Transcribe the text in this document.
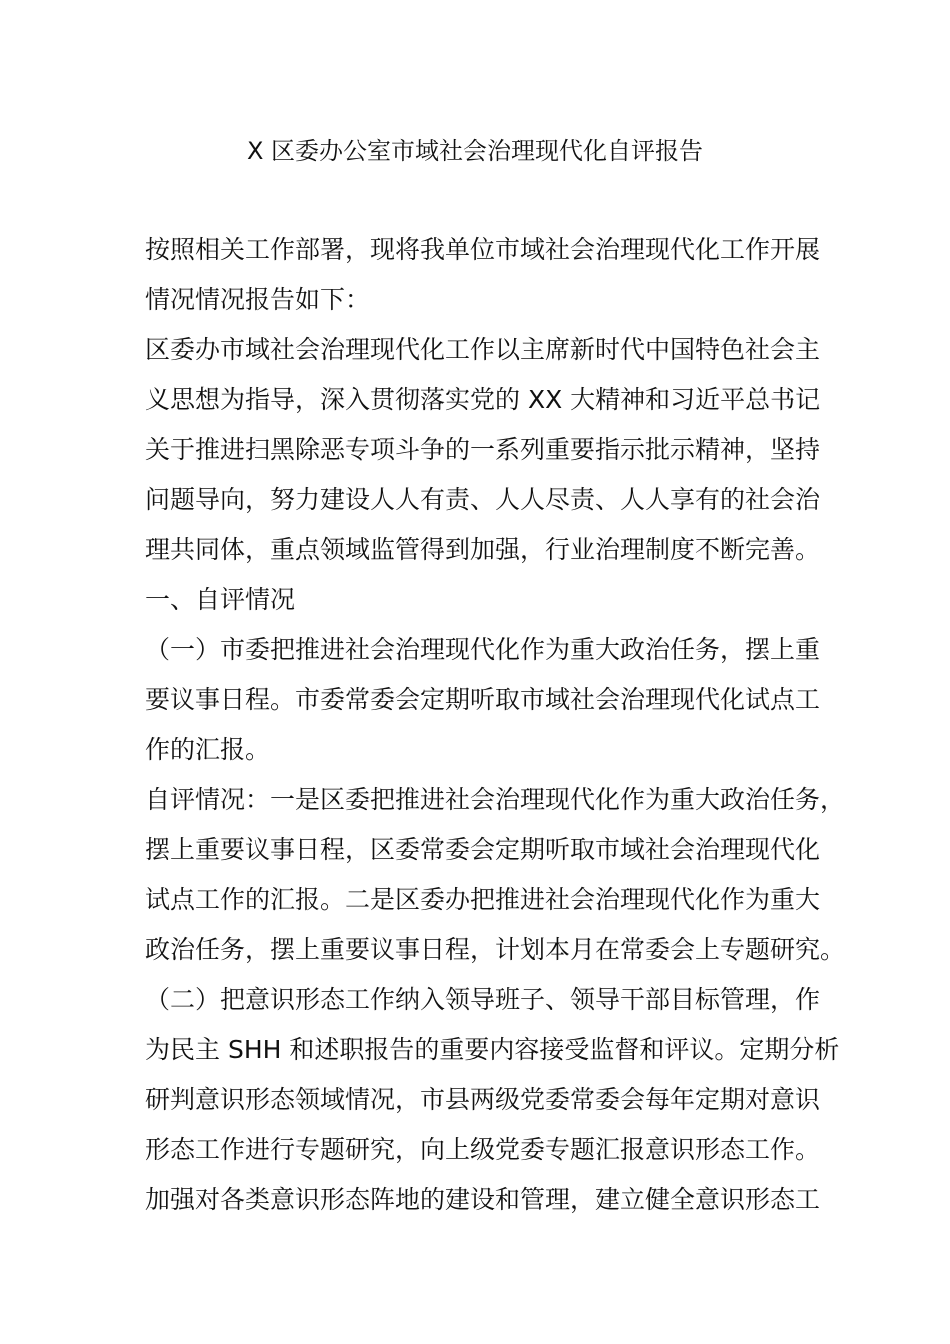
X 区委办公室市域社会治理现代化自评报告
按照相关工作部署，现将我单位市域社会治理现代化工作开展
情况情况报告如下：
区委办市域社会治理现代化工作以主席新时代中国特色社会主
义思想为指导，深入贯彻落实党的 XX 大精神和习近平总书记
关于推进扫黑除恶专项斗争的一系列重要指示批示精神，坚持
问题导向，努力建设人人有责、人人尽责、人人享有的社会治
理共同体，重点领域监管得到加强，行业治理制度不断完善。
一、自评情况
（一）市委把推进社会治理现代化作为重大政治任务，摆上重
要议事日程。市委常委会定期听取市域社会治理现代化试点工
作的汇报。
自评情况：一是区委把推进社会治理现代化作为重大政治任务，
摆上重要议事日程，区委常委会定期听取市域社会治理现代化
试点工作的汇报。二是区委办把推进社会治理现代化作为重大
政治任务，摆上重要议事日程，计划本月在常委会上专题研究。
（二）把意识形态工作纳入领导班子、领导干部目标管理，作
为民主 SHH 和述职报告的重要内容接受监督和评议。定期分析
研判意识形态领域情况，市县两级党委常委会每年定期对意识
形态工作进行专题研究，向上级党委专题汇报意识形态工作。
加强对各类意识形态阵地的建设和管理，建立健全意识形态工
